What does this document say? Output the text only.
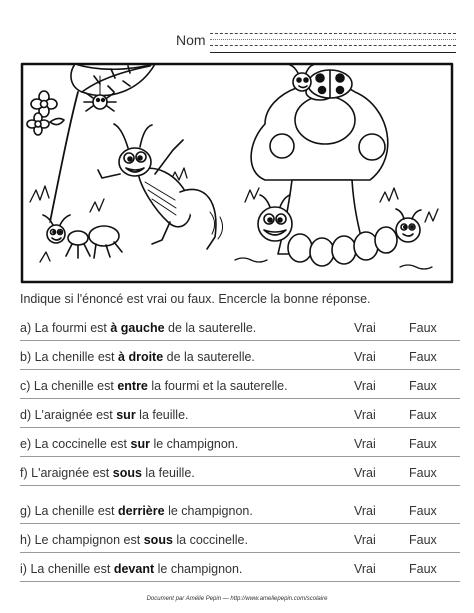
Nom
Indique si l'énoncé est vrai ou faux. Encercle la bonne réponse.
a) La fourmi est à gauche de la sauterelle.	Vrai	Faux
b) La chenille est à droite de la sauterelle.	Vrai	Faux
c) La chenille est entre la fourmi et la sauterelle.	Vrai	Faux
d) L'araignée est sur la feuille.	Vrai	Faux
e) La coccinelle est sur le champignon.	Vrai	Faux
f) L'araignée est sous la feuille.	Vrai	Faux
g) La chenille est derrière le champignon.	Vrai	Faux
h) Le champignon est sous la coccinelle.	Vrai	Faux
i) La chenille est devant le champignon.	Vrai	Faux
Document par Amélie Pepin — http://www.ameliepepin.com/scolaire
